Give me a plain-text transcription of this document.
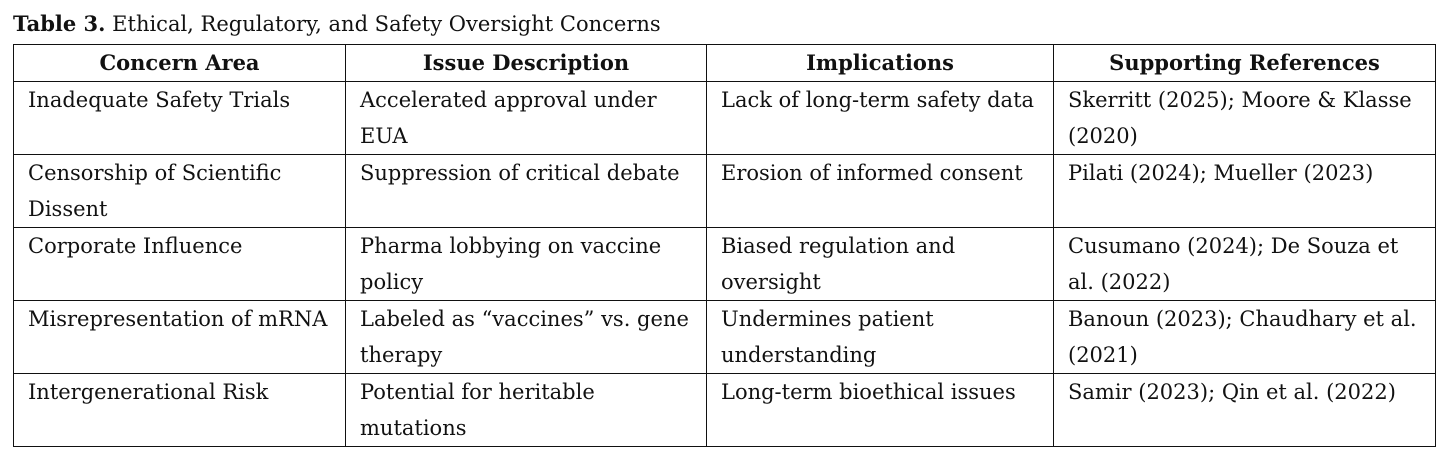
Table 3. Ethical, Regulatory, and Safety Oversight Concerns
Concern Area	Issue Description	Implications	Supporting References
Inadequate Safety Trials	Accelerated approval under EUA	Lack of long-term safety data	Skerritt (2025); Moore & Klasse (2020)
Censorship of Scientific Dissent	Suppression of critical debate	Erosion of informed consent	Pilati (2024); Mueller (2023)
Corporate Influence	Pharma lobbying on vaccine policy	Biased regulation and oversight	Cusumano (2024); De Souza et al. (2022)
Misrepresentation of mRNA	Labeled as “vaccines” vs. gene therapy	Undermines patient understanding	Banoun (2023); Chaudhary et al. (2021)
Intergenerational Risk	Potential for heritable mutations	Long-term bioethical issues	Samir (2023); Qin et al. (2022)
